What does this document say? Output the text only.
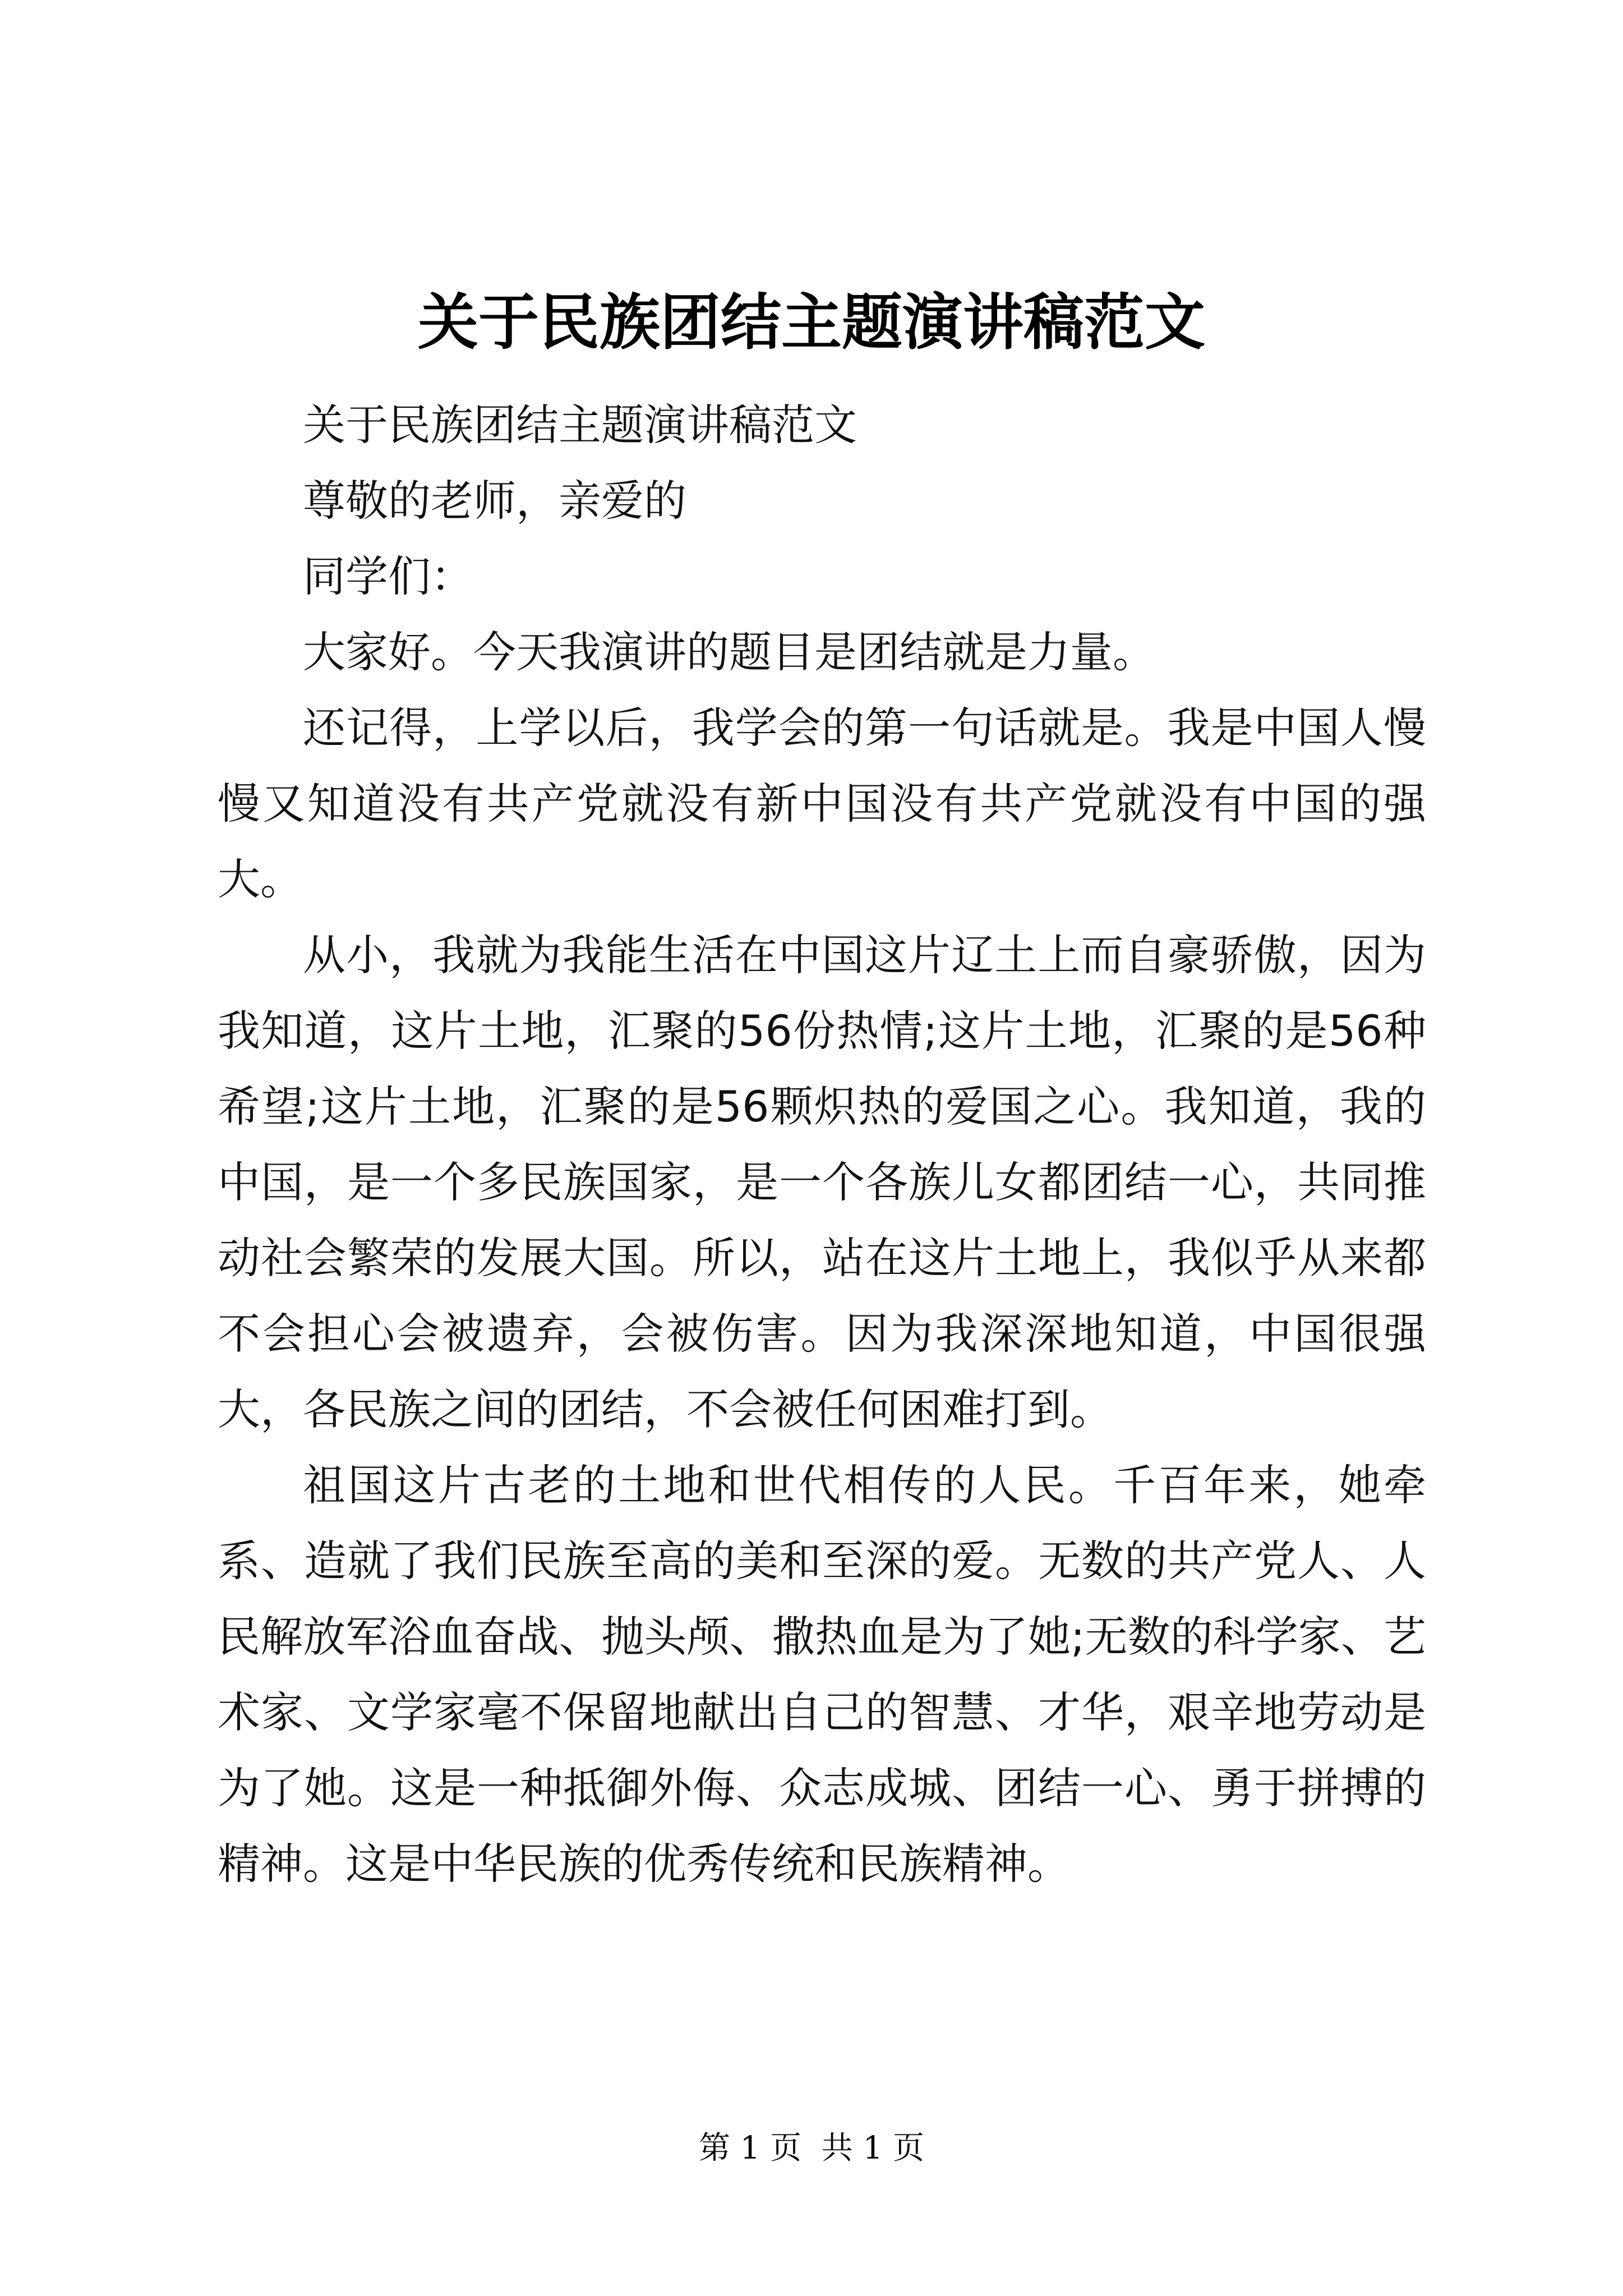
关于民族团结主题演讲稿范文

关于民族团结主题演讲稿范文

尊敬的老师，亲爱的

同学们：

大家好。今天我演讲的题目是团结就是力量。

还记得，上学以后，我学会的第一句话就是。我是中国人慢慢又知道没有共产党就没有新中国没有共产党就没有中国的强大。

从小，我就为我能生活在中国这片辽土上而自豪骄傲，因为我知道，这片土地，汇聚的56份热情;这片土地，汇聚的是56种希望;这片土地，汇聚的是56颗炽热的爱国之心。我知道，我的中国，是一个多民族国家，是一个各族儿女都团结一心，共同推动社会繁荣的发展大国。所以，站在这片土地上，我似乎从来都不会担心会被遗弃，会被伤害。因为我深深地知道，中国很强大，各民族之间的团结，不会被任何困难打到。

祖国这片古老的土地和世代相传的人民。千百年来，她牵系、造就了我们民族至高的美和至深的爱。无数的共产党人、人民解放军浴血奋战、抛头颅、撒热血是为了她;无数的科学家、艺术家、文学家毫不保留地献出自己的智慧、才华，艰辛地劳动是为了她。这是一种抵御外侮、众志成城、团结一心、勇于拼搏的精神。这是中华民族的优秀传统和民族精神。

第 1 页  共 1 页
